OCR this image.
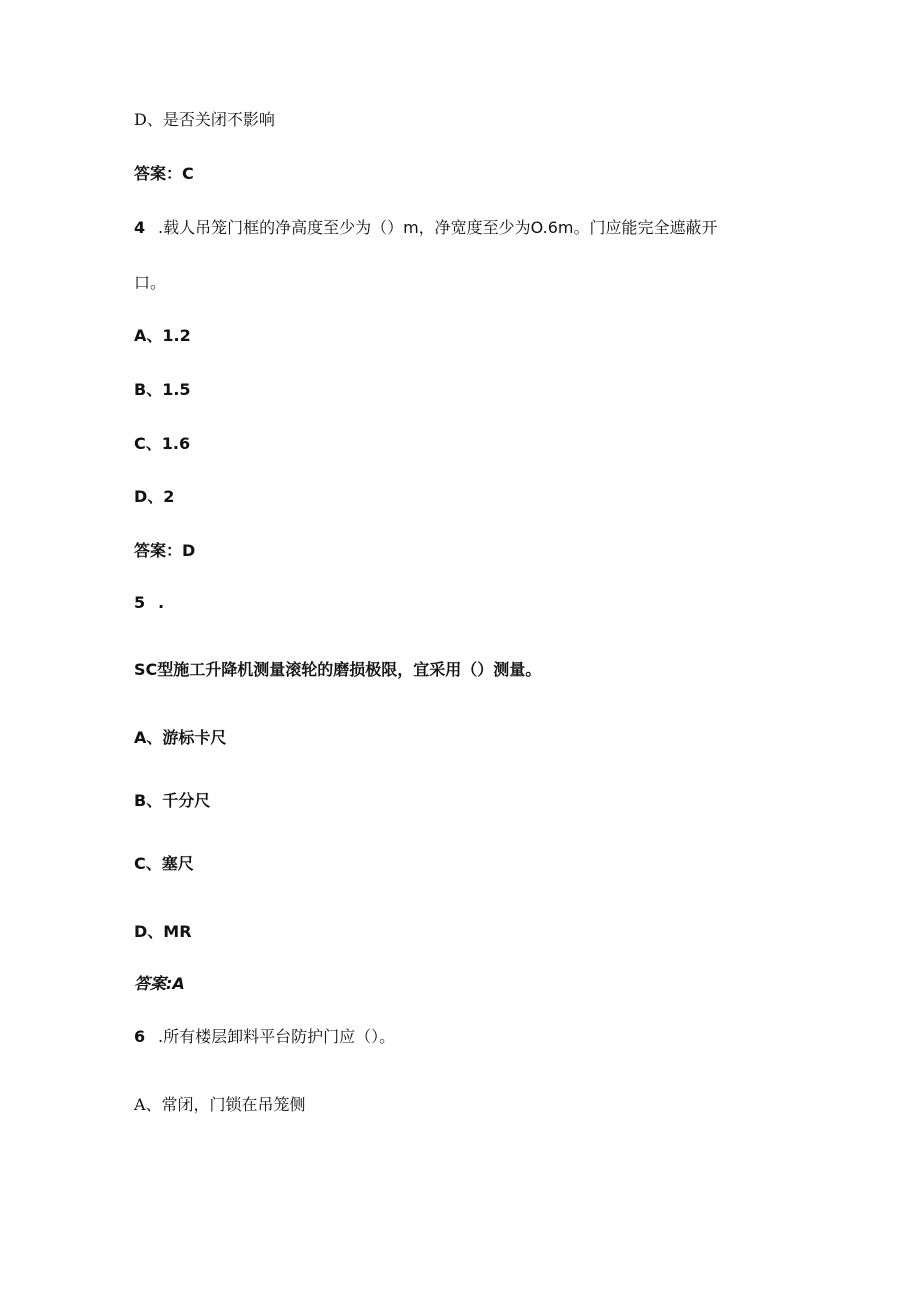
D、是否关闭不影响
答案：C
4 .载人吊笼门框的净高度至少为（）m，净宽度至少为O.6m。门应能完全遮蔽开
口。
A、1.2
B、1.5
C、1.6
D、2
答案：D
5 .
SC型施工升降机测量滚轮的磨损极限，宜采用（）测量。
A、游标卡尺
B、千分尺
C、塞尺
D、MR
答案:A
6 .所有楼层卸料平台防护门应（）。
A、常闭，门锁在吊笼侧
